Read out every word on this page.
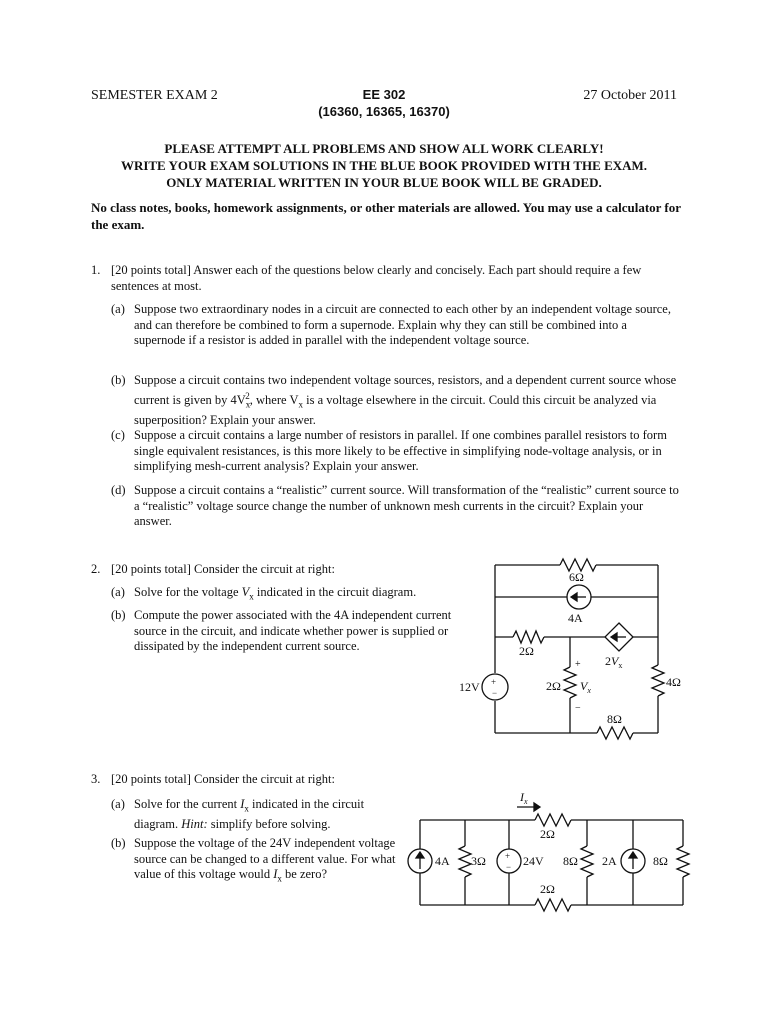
SEMESTER EXAM 2	EE 302
(16360, 16365, 16370)
27 October 2011
PLEASE ATTEMPT ALL PROBLEMS AND SHOW ALL WORK CLEARLY!
WRITE YOUR EXAM SOLUTIONS IN THE BLUE BOOK PROVIDED WITH THE EXAM.
ONLY MATERIAL WRITTEN IN YOUR BLUE BOOK WILL BE GRADED.
No class notes, books, homework assignments, or other materials are allowed. You may use a calculator for the exam.
1. [20 points total] Answer each of the questions below clearly and concisely. Each part should require a few sentences at most.
(a) Suppose two extraordinary nodes in a circuit are connected to each other by an independent voltage source, and can therefore be combined to form a supernode. Explain why they can still be combined into a supernode if a resistor is added in parallel with the independent voltage source.
(b) Suppose a circuit contains two independent voltage sources, resistors, and a dependent current source whose current is given by $4V_x^2$, where $V_x$ is a voltage elsewhere in the circuit. Could this circuit be analyzed via superposition? Explain your answer.
(c) Suppose a circuit contains a large number of resistors in parallel. If one combines parallel resistors to form single equivalent resistances, is this more likely to be effective in simplifying node-voltage analysis, or in simplifying mesh-current analysis? Explain your answer.
(d) Suppose a circuit contains a “realistic” current source. Will transformation of the “realistic” current source to a “realistic” voltage source change the number of unknown mesh currents in the circuit? Explain your answer.
2. [20 points total] Consider the circuit at right:
(a) Solve for the voltage $V_x$ indicated in the circuit diagram.
(b) Compute the power associated with the 4A independent current source in the circuit, and indicate whether power is supplied or dissipated by the independent current source.
6Ω
4A
2Ω
$2V_x$
12V	2Ω $V_x$
+
−
4Ω
8Ω
+
−
3. [20 points total] Consider the circuit at right:
(a) Solve for the current $I_x$ indicated in the circuit diagram. Hint: simplify before solving.
(b) Suppose the voltage of the 24V independent voltage source can be changed to a different value. For what value of this voltage would $I_x$ be zero?
$I_x$
2Ω
2Ω
4A 3Ω	24V 8Ω 2A	8Ω
+
−
